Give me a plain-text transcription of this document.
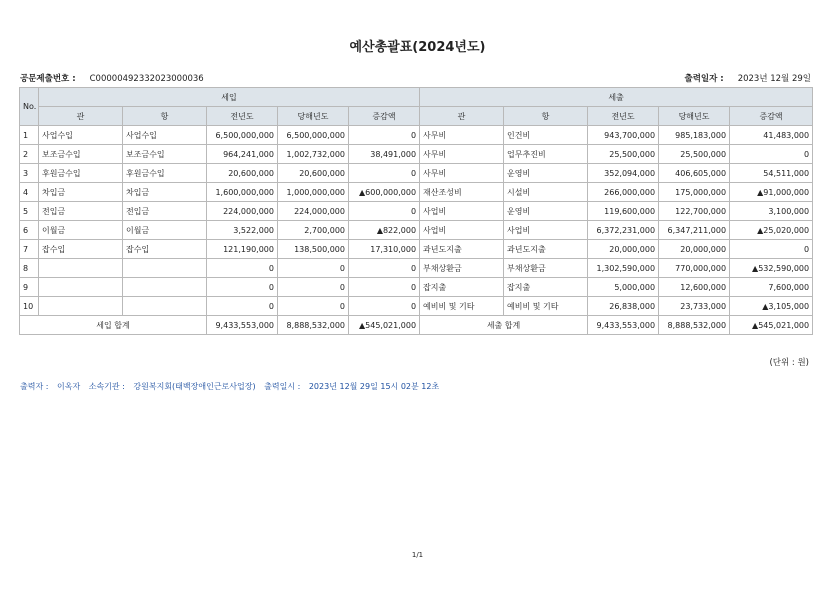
예산총괄표(2024년도)
공문제출번호 : C00000492332023000036	출력일자 : 2023년 12월 29일
No.	세입					세출				
	관	항	전년도	당해년도	증감액	관	항	전년도	당해년도	증감액
1	사업수입	사업수입	6,500,000,000	6,500,000,000	0	사무비	인건비	943,700,000	985,183,000	41,483,000
2	보조금수입	보조금수입	964,241,000	1,002,732,000	38,491,000	사무비	업무추진비	25,500,000	25,500,000	0
3	후원금수입	후원금수입	20,600,000	20,600,000	0	사무비	운영비	352,094,000	406,605,000	54,511,000
4	차입금	차입금	1,600,000,000	1,000,000,000	▲600,000,000	재산조성비	시설비	266,000,000	175,000,000	▲91,000,000
5	전입금	전입금	224,000,000	224,000,000	0	사업비	운영비	119,600,000	122,700,000	3,100,000
6	이월금	이월금	3,522,000	2,700,000	▲822,000	사업비	사업비	6,372,231,000	6,347,211,000	▲25,020,000
7	잡수입	잡수입	121,190,000	138,500,000	17,310,000	과년도지출	과년도지출	20,000,000	20,000,000	0
8			0	0	0	부채상환금	부채상환금	1,302,590,000	770,000,000	▲532,590,000
9			0	0	0	잡지출	잡지출	5,000,000	12,600,000	7,600,000
10			0	0	0	예비비 및 기타	예비비 및 기타	26,838,000	23,733,000	▲3,105,000
세입 합계			9,433,553,000	8,888,532,000	▲545,021,000	세출 합계		9,433,553,000	8,888,532,000	▲545,021,000
(단위 : 원)
출력자 : 이옥자 소속기관 : 강원복지회(태백장애인근로사업장) 출력일시 : 2023년 12월 29일 15시 02분 12초
1/1
